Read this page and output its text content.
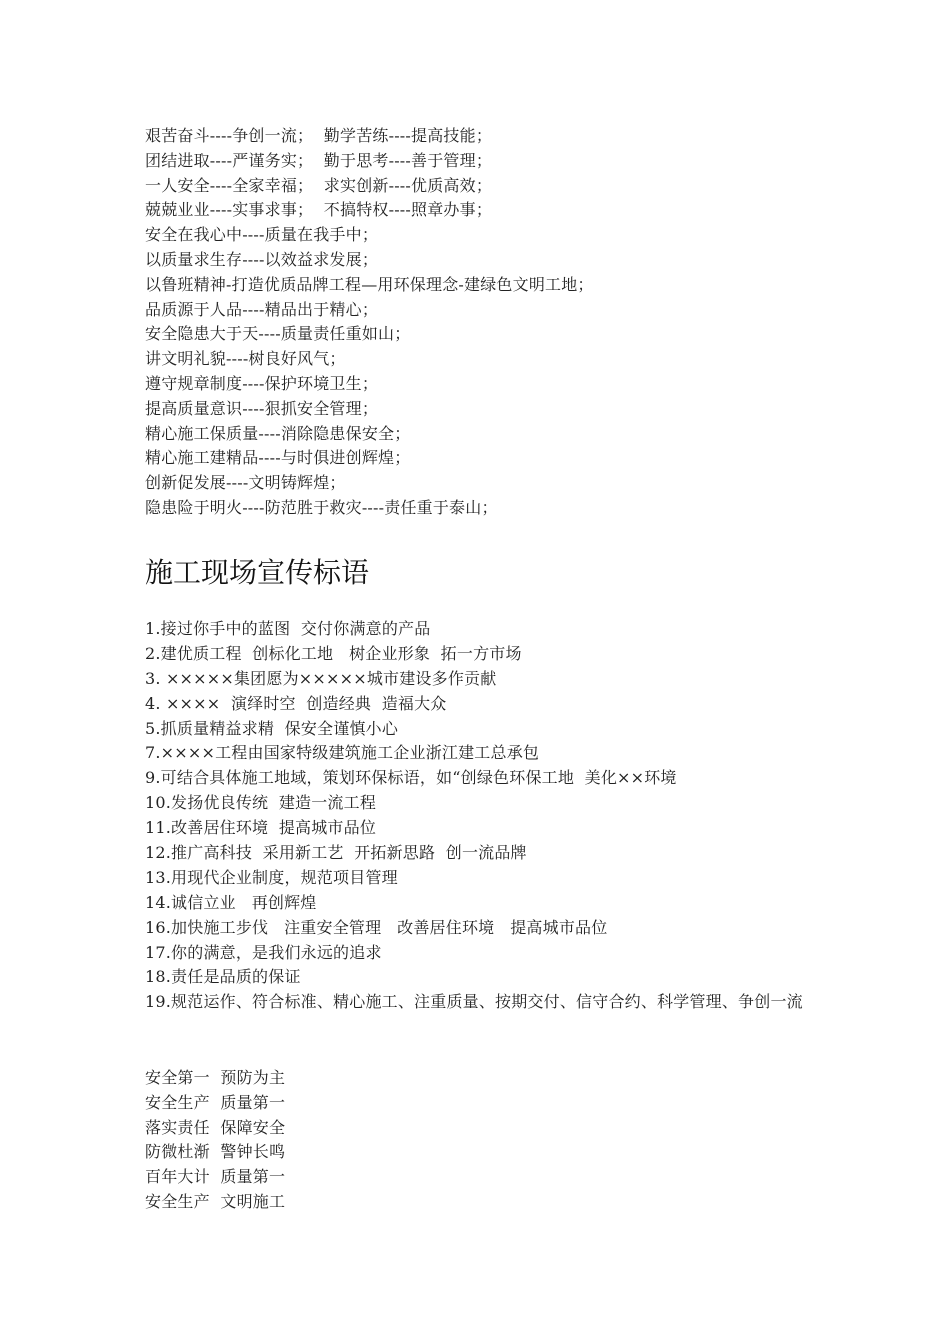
艰苦奋斗----争创一流；  勤学苦练----提高技能；
团结进取----严谨务实；  勤于思考----善于管理；
一人安全----全家幸福；  求实创新----优质高效；
兢兢业业----实事求事；  不搞特权----照章办事；
安全在我心中----质量在我手中；
以质量求生存----以效益求发展；
以鲁班精神-打造优质品牌工程—用环保理念-建绿色文明工地；
品质源于人品----精品出于精心；
安全隐患大于天----质量责任重如山；
讲文明礼貌----树良好风气；
遵守规章制度----保护环境卫生；
提高质量意识----狠抓安全管理；
精心施工保质量----消除隐患保安全；
精心施工建精品----与时俱进创辉煌；
创新促发展----文明铸辉煌；
隐患险于明火----防范胜于救灾----责任重于泰山；
施工现场宣传标语
1.接过你手中的蓝图  交付你满意的产品
2.建优质工程  创标化工地   树企业形象  拓一方市场
3. ×××××集团愿为×××××城市建设多作贡献
4. ××××  演绎时空  创造经典  造福大众
5.抓质量精益求精  保安全谨慎小心
7.××××工程由国家特级建筑施工企业浙江建工总承包
9.可结合具体施工地域，策划环保标语，如“创绿色环保工地  美化××环境
10.发扬优良传统  建造一流工程
11.改善居住环境  提高城市品位
12.推广高科技  采用新工艺  开拓新思路  创一流品牌
13.用现代企业制度，规范项目管理
14.诚信立业   再创辉煌
16.加快施工步伐   注重安全管理   改善居住环境   提高城市品位
17.你的满意，是我们永远的追求
18.责任是品质的保证
19.规范运作、符合标准、精心施工、注重质量、按期交付、信守合约、科学管理、争创一流
安全第一  预防为主
安全生产  质量第一
落实责任  保障安全
防微杜渐  警钟长鸣
百年大计  质量第一
安全生产  文明施工
